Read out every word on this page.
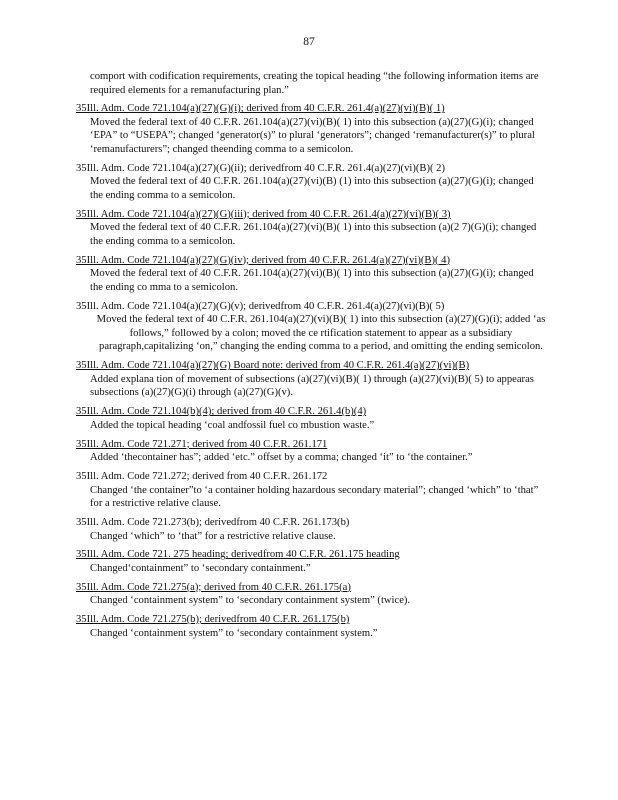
87
comport with codification requirements, creating the topical heading “the following information items are required elements for a remanufacturing plan.”
35Ill. Adm. Code 721.104(a)(27)(G)(i); derived from 40 C.F.R. 261.4(a)(27)(vi)(B)( 1)
Moved the federal text of 40 C.F.R. 261.104(a)(27)(vi)(B)( 1) into this subsection (a)(27)(G)(i); changed ‘EPA” to “USEPA”; changed ‘generator(s)” to plural ‘generators”; changed ‘remanufacturer(s)” to plural ‘remanufacturers”; changed theending comma to a semicolon.
35Ill. Adm. Code 721.104(a)(27)(G)(ii); derivedfrom 40 C.F.R. 261.4(a)(27)(vi)(B)( 2)
Moved the federal text of 40 C.F.R. 261.104(a)(27)(vi)(B) (1) into this subsection (a)(27)(G)(i); changed the ending comma to a semicolon.
35Ill. Adm. Code 721.104(a)(27)(G)(iii); derived from 40 C.F.R. 261.4(a)(27)(vi)(B)( 3)
Moved the federal text of 40 C.F.R. 261.104(a)(27)(vi)(B)( 1) into this subsection (a)(2 7)(G)(i); changed the ending comma to a semicolon.
35Ill. Adm. Code 721.104(a)(27)(G)(iv); derived from 40 C.F.R. 261.4(a)(27)(vi)(B)( 4)
Moved the federal text of 40 C.F.R. 261.104(a)(27)(vi)(B)( 1) into this subsection (a)(27)(G)(i); changed the ending co mma to a semicolon.
35Ill. Adm. Code 721.104(a)(27)(G)(v); derivedfrom 40 C.F.R. 261.4(a)(27)(vi)(B)( 5)
Moved the federal text of 40 C.F.R. 261.104(a)(27)(vi)(B)( 1) into this subsection (a)(27)(G)(i); added ‘as follows,” followed by a colon; moved the ce rtification statement to appear as a subsidiary paragraph,capitalizing ‘on,” changing the ending comma to a period, and omitting the ending semicolon.
35Ill. Adm. Code 721.104(a)(27)(G) Board note: derived from 40 C.F.R. 261.4(a)(27)(vi)(B)
Added explana tion of movement of subsections (a)(27)(vi)(B)( 1) through (a)(27)(vi)(B)( 5) to appearas subsections (a)(27)(G)(i) through (a)(27)(G)(v).
35Ill. Adm. Code 721.104(b)(4); derived from 40 C.F.R. 261.4(b)(4)
Added the topical heading ‘coal andfossil fuel co mbustion waste.”
35Ill. Adm. Code 721.271; derived from 40 C.F.R. 261.171
Added ‘thecontainer has”; added ‘etc.” offset by a comma; changed ‘it” to ‘the container.”
35Ill. Adm. Code 721.272; derived from 40 C.F.R. 261.172
Changed ‘the container”to ‘a container holding hazardous secondary material”; changed ‘which” to ‘that” for a restrictive relative clause.
35Ill. Adm. Code 721.273(b); derivedfrom 40 C.F.R. 261.173(b)
Changed ‘which” to ‘that” for a restrictive relative clause.
35Ill. Adm. Code 721. 275 heading; derivedfrom 40 C.F.R. 261.175 heading
Changed‘containment” to ‘secondary containment.”
35Ill. Adm. Code 721.275(a); derived from 40 C.F.R. 261.175(a)
Changed ‘containment system” to ‘secondary containment system” (twice).
35Ill. Adm. Code 721.275(b); derivedfrom 40 C.F.R. 261.175(b)
Changed ‘containment system” to ‘secondary containment system.”
